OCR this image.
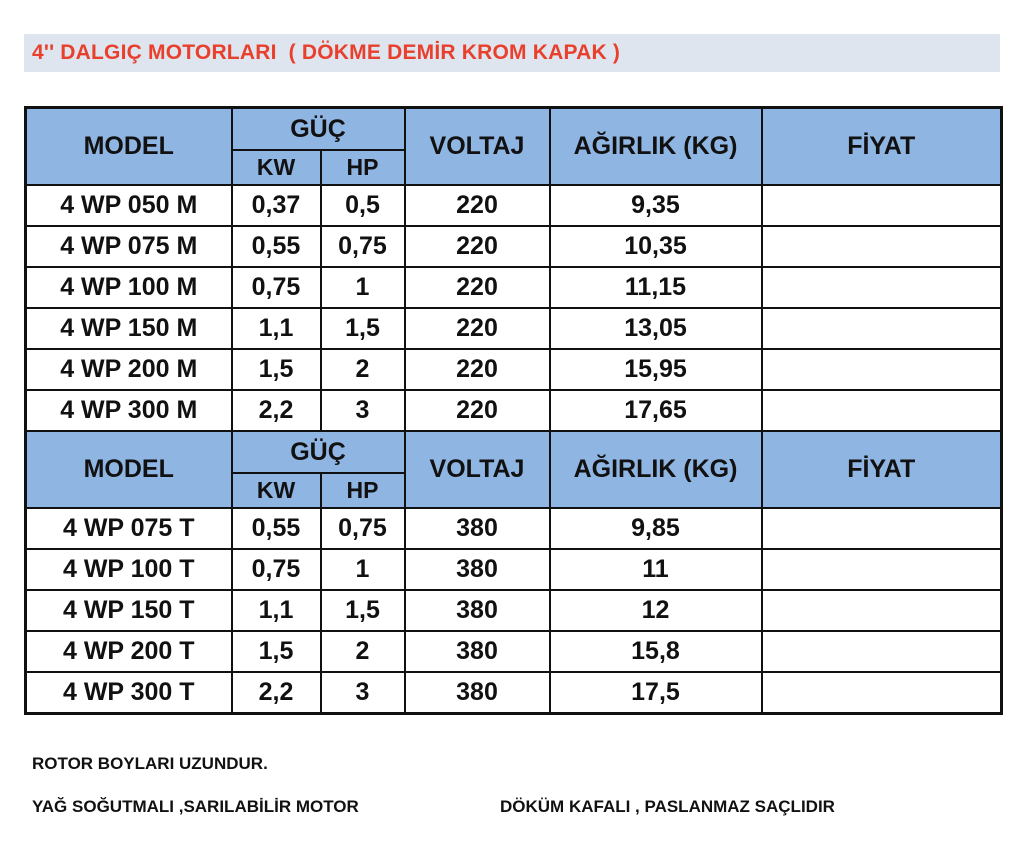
4'' DALGIÇ MOTORLARI  ( DÖKME DEMİR KROM KAPAK )
MODEL	GÜÇ		VOLTAJ	AĞIRLIK (KG)	FİYAT
	KW	HP			
4 WP 050 M	0,37	0,5	220	9,35	
4 WP 075 M	0,55	0,75	220	10,35	
4 WP 100 M	0,75	1	220	11,15	
4 WP 150 M	1,1	1,5	220	13,05	
4 WP 200 M	1,5	2	220	15,95	
4 WP 300 M	2,2	3	220	17,65	
MODEL	GÜÇ		VOLTAJ	AĞIRLIK (KG)	FİYAT
	KW	HP			
4 WP 075 T	0,55	0,75	380	9,85	
4 WP 100 T	0,75	1	380	11	
4 WP 150 T	1,1	1,5	380	12	
4 WP 200 T	1,5	2	380	15,8	
4 WP 300 T	2,2	3	380	17,5	
ROTOR BOYLARI UZUNDUR.
YAĞ SOĞUTMALI ,SARILABİLİR MOTOR	DÖKÜM KAFALI , PASLANMAZ SAÇLIDIR
